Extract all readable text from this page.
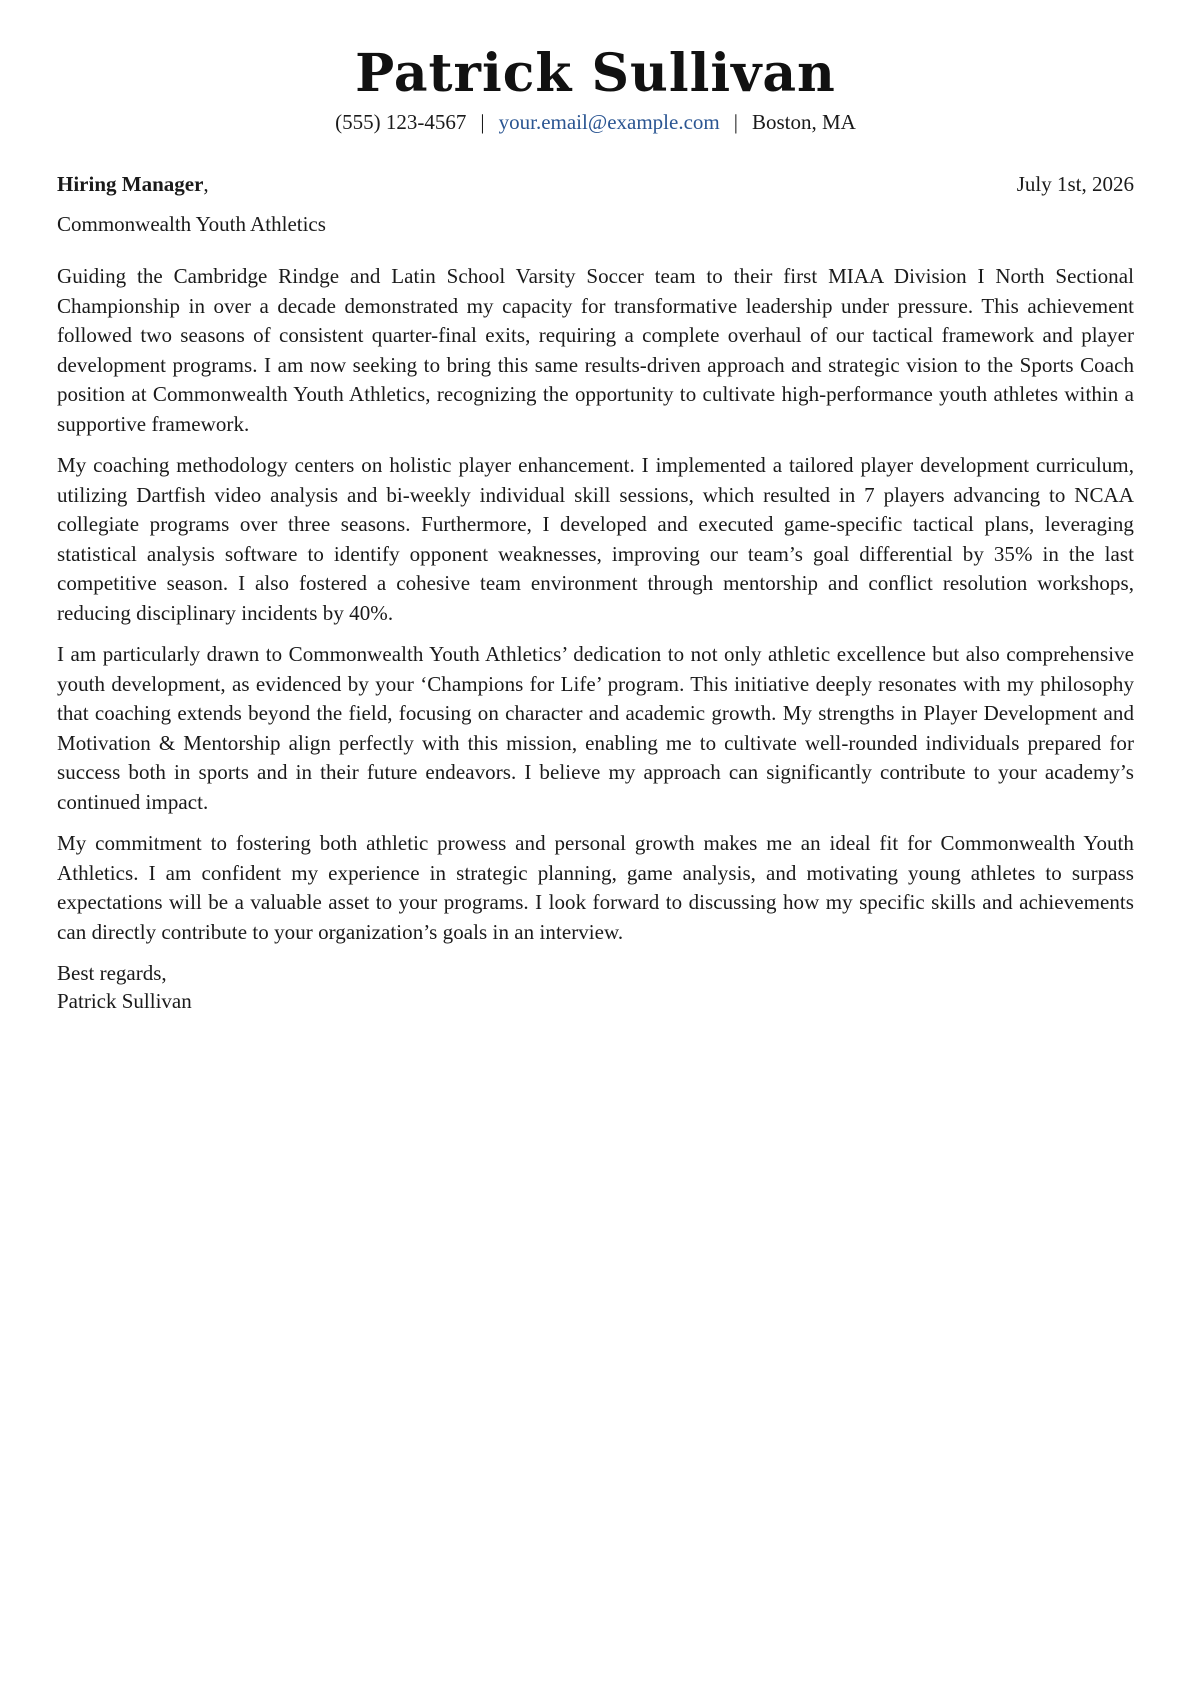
Patrick Sullivan
(555) 123-4567 | your.email@example.com | Boston, MA
Hiring Manager,	July 1st, 2026
Commonwealth Youth Athletics

Guiding the Cambridge Rindge and Latin School Varsity Soccer team to their first MIAA Division I North Sectional Championship in over a decade demonstrated my capacity for transformative leadership under pressure. This achievement followed two seasons of consistent quarter-final exits, requiring a complete overhaul of our tactical framework and player development programs. I am now seeking to bring this same results-driven approach and strategic vision to the Sports Coach position at Commonwealth Youth Athletics, recognizing the opportunity to cultivate high-performance youth athletes within a supportive framework.

My coaching methodology centers on holistic player enhancement. I implemented a tailored player development curriculum, utilizing Dartfish video analysis and bi-weekly individual skill sessions, which resulted in 7 players advancing to NCAA collegiate programs over three seasons. Furthermore, I developed and executed game-specific tactical plans, leveraging statistical analysis software to identify opponent weaknesses, improving our team’s goal differential by 35% in the last competitive season. I also fostered a cohesive team environment through mentorship and conflict resolution workshops, reducing disciplinary incidents by 40%.

I am particularly drawn to Commonwealth Youth Athletics’ dedication to not only athletic excellence but also comprehensive youth development, as evidenced by your ‘Champions for Life’ program. This initiative deeply resonates with my philosophy that coaching extends beyond the field, focusing on character and academic growth. My strengths in Player Development and Motivation & Mentorship align perfectly with this mission, enabling me to cultivate well-rounded individuals prepared for success both in sports and in their future endeavors. I believe my approach can significantly contribute to your academy’s continued impact.

My commitment to fostering both athletic prowess and personal growth makes me an ideal fit for Commonwealth Youth Athletics. I am confident my experience in strategic planning, game analysis, and motivating young athletes to surpass expectations will be a valuable asset to your programs. I look forward to discussing how my specific skills and achievements can directly contribute to your organization’s goals in an interview.

Best regards,
Patrick Sullivan
